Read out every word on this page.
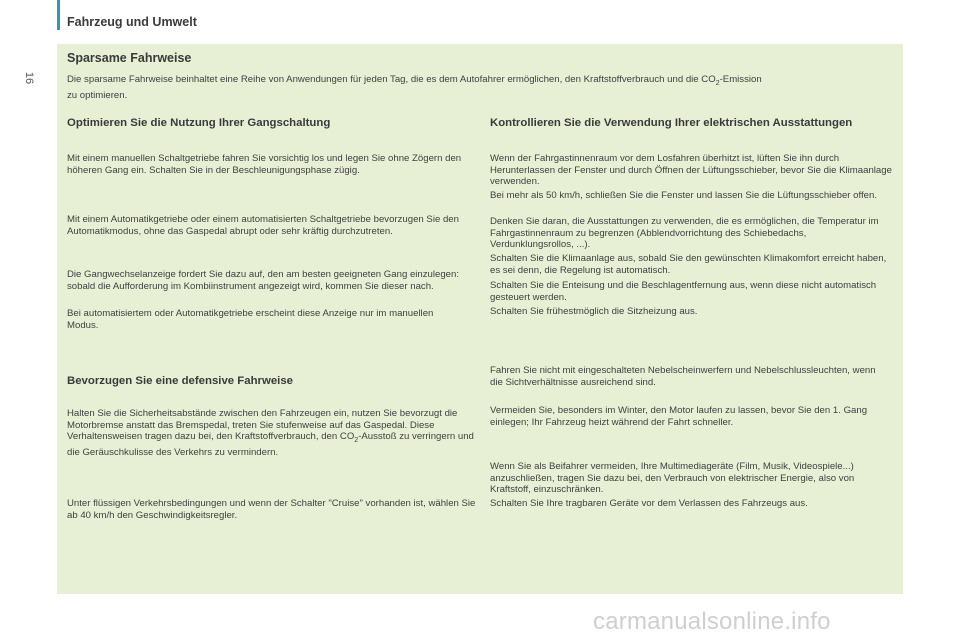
Fahrzeug und Umwelt
16
Sparsame Fahrweise
Die sparsame Fahrweise beinhaltet eine Reihe von Anwendungen für jeden Tag, die es dem Autofahrer ermöglichen, den Kraftstoffverbrauch und die $CO_2$-Emission
zu optimieren.
Optimieren Sie die Nutzung Ihrer Gangschaltung
Mit einem manuellen Schaltgetriebe fahren Sie vorsichtig los und legen Sie ohne Zögern den höheren Gang ein. Schalten Sie in der Beschleunigungsphase zügig.
Mit einem Automatikgetriebe oder einem automatisierten Schaltgetriebe bevorzugen Sie den Automatikmodus, ohne das Gaspedal abrupt oder sehr kräftig durchzutreten.
Die Gangwechselanzeige fordert Sie dazu auf, den am besten geeigneten Gang einzulegen: sobald die Aufforderung im Kombiinstrument angezeigt wird, kommen Sie dieser nach.
Bei automatisiertem oder Automatikgetriebe erscheint diese Anzeige nur im manuellen Modus.
Bevorzugen Sie eine defensive Fahrweise
Halten Sie die Sicherheitsabstände zwischen den Fahrzeugen ein, nutzen Sie bevorzugt die Motorbremse anstatt das Bremspedal, treten Sie stufenweise auf das Gaspedal. Diese Verhaltensweisen tragen dazu bei, den Kraftstoffverbrauch, den $CO_2$-Ausstoß zu verringern und die Geräuschkulisse des Verkehrs zu vermindern.
Unter flüssigen Verkehrsbedingungen und wenn der Schalter "Cruise" vorhanden ist, wählen Sie ab 40 km/h den Geschwindigkeitsregler.
Kontrollieren Sie die Verwendung Ihrer elektrischen Ausstattungen
Wenn der Fahrgastinnenraum vor dem Losfahren überhitzt ist, lüften Sie ihn durch Herunterlassen der Fenster und durch Öffnen der Lüftungsschieber, bevor Sie die Klimaanlage verwenden.
Bei mehr als 50 km/h, schließen Sie die Fenster und lassen Sie die Lüftungsschieber offen.
Denken Sie daran, die Ausstattungen zu verwenden, die es ermöglichen, die Temperatur im Fahrgastinnenraum zu begrenzen (Abblendvorrichtung des Schiebedachs, Verdunklungsrollos, ...).
Schalten Sie die Klimaanlage aus, sobald Sie den gewünschten Klimakomfort erreicht haben, es sei denn, die Regelung ist automatisch.
Schalten Sie die Enteisung und die Beschlagentfernung aus, wenn diese nicht automatisch gesteuert werden.
Schalten Sie frühestmöglich die Sitzheizung aus.
Fahren Sie nicht mit eingeschalteten Nebelscheinwerfern und Nebelschlussleuchten, wenn die Sichtverhältnisse ausreichend sind.
Vermeiden Sie, besonders im Winter, den Motor laufen zu lassen, bevor Sie den 1. Gang einlegen; Ihr Fahrzeug heizt während der Fahrt schneller.
Wenn Sie als Beifahrer vermeiden, Ihre Multimediageräte (Film, Musik, Videospiele...) anzuschließen, tragen Sie dazu bei, den Verbrauch von elektrischer Energie, also von Kraftstoff, einzuschränken.
Schalten Sie Ihre tragbaren Geräte vor dem Verlassen des Fahrzeugs aus.
carmanualsonline.info
